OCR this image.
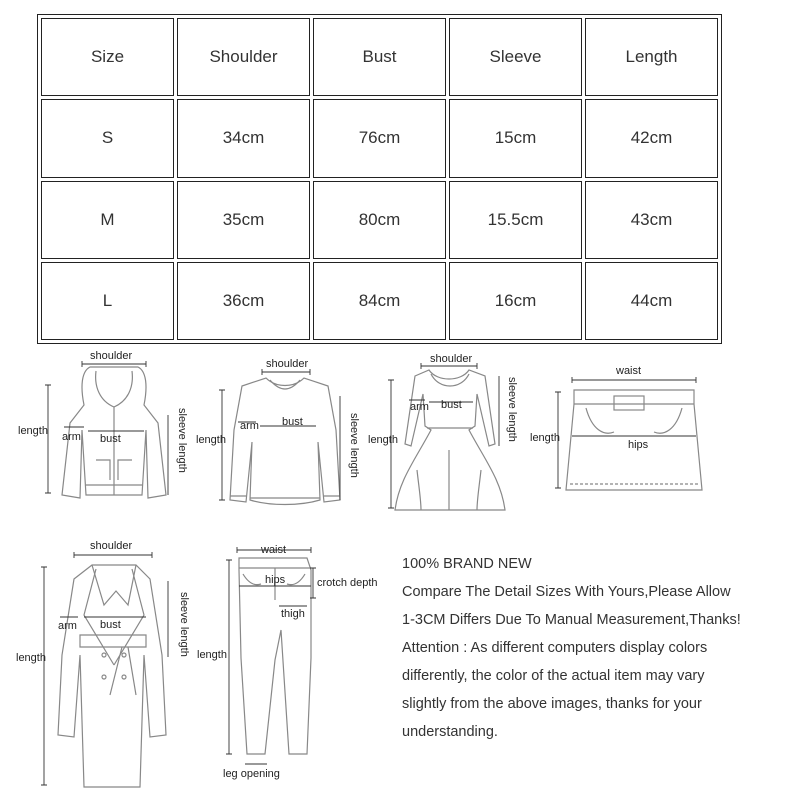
Size	Shoulder	Bust	Sleeve	Length
S	34cm	76cm	15cm	42cm
M	35cm	80cm	15.5cm	43cm
L	36cm	84cm	16cm	44cm
shoulder
length arm bust	sleeve length
shoulder
length
arm bust	sleeve length
shoulder
length
arm bust	sleeve length
waist
length
hips
shoulder
length
arm bust	sleeve length
waist
hips	crotch depth
thigh
length
leg opening

100% BRAND NEW

Compare The Detail Sizes With Yours,Please Allow

1-3CM Differs Due To Manual Measurement,Thanks!

Attention : As different computers display colors

differently, the color of the actual item may vary

slightly from the above images, thanks for your

understanding.
